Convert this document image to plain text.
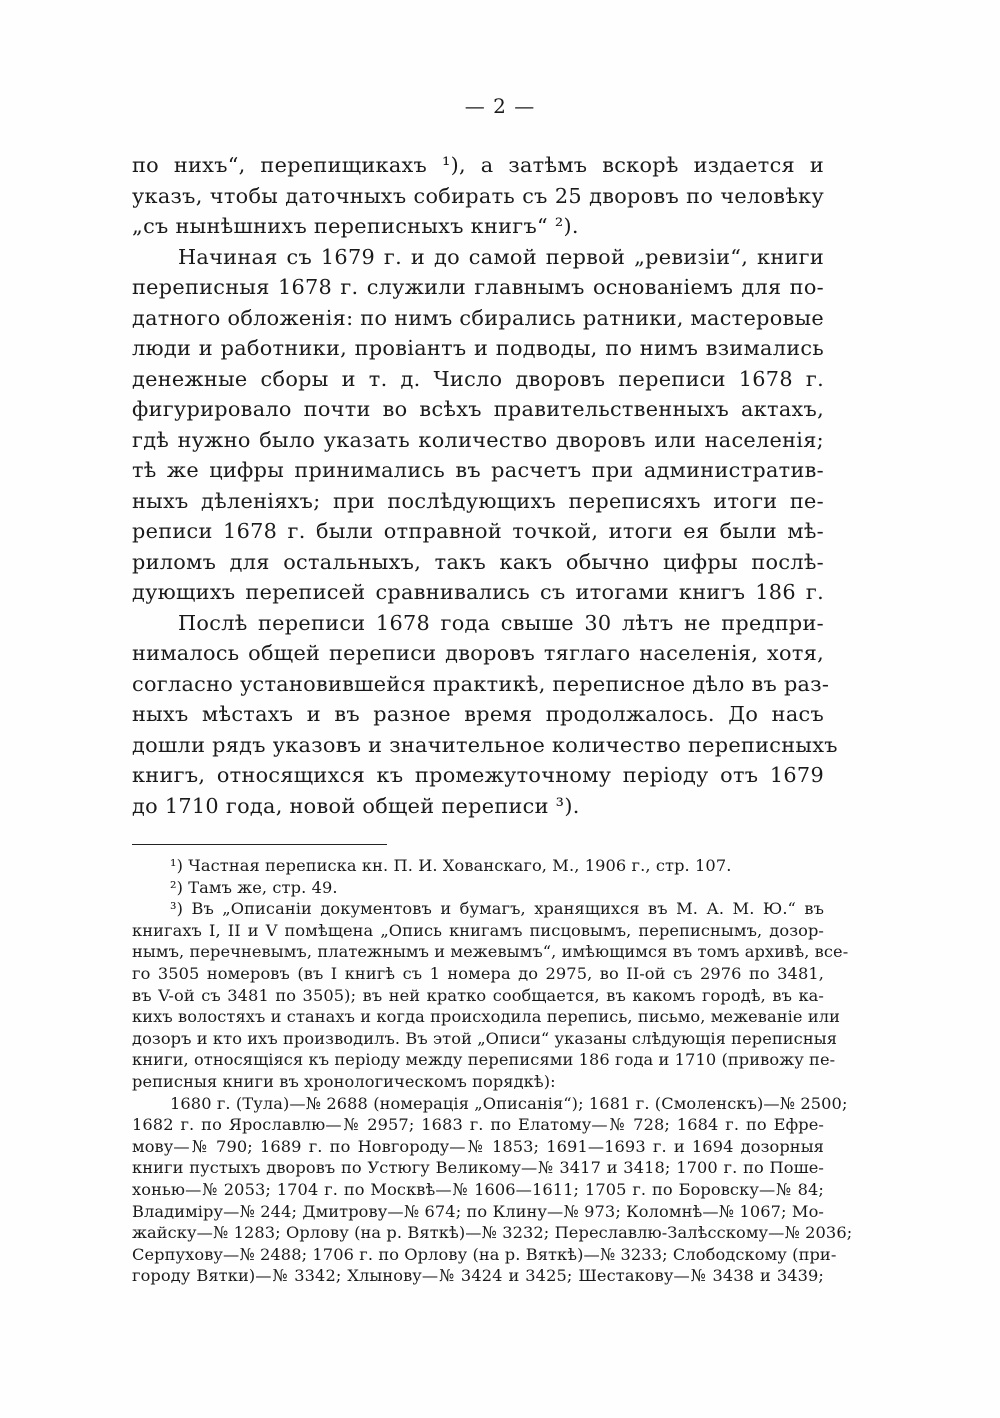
— 2 —
по нихъ“, перепищикахъ ¹), а затѣмъ вскорѣ издается и
указъ, чтобы даточныхъ собирать съ 25 дворовъ по человѣку
„съ нынѣшнихъ переписныхъ книгъ“ ²).
Начиная съ 1679 г. и до самой первой „ревизіи“, книги
переписныя 1678 г. служили главнымъ основаніемъ для по-
датного обложенія: по нимъ сбирались ратники, мастеровые
люди и работники, провіантъ и подводы, по нимъ взимались
денежные сборы и т. д. Число дворовъ переписи 1678 г.
фигурировало почти во всѣхъ правительственныхъ актахъ,
гдѣ нужно было указать количество дворовъ или населенія;
тѣ же цифры принимались въ расчетъ при административ-
ныхъ дѣленіяхъ; при послѣдующихъ переписяхъ итоги пе-
реписи 1678 г. были отправной точкой, итоги ея были мѣ-
риломъ для остальныхъ, такъ какъ обычно цифры послѣ-
дующихъ переписей сравнивались съ итогами книгъ 186 г.
Послѣ переписи 1678 года свыше 30 лѣтъ не предпри-
нималось общей переписи дворовъ тяглаго населенія, хотя,
согласно установившейся практикѣ, переписное дѣло въ раз-
ныхъ мѣстахъ и въ разное время продолжалось. До насъ
дошли рядъ указовъ и значительное количество переписныхъ
книгъ, относящихся къ промежуточному періоду отъ 1679
до 1710 года, новой общей переписи ³).
¹) Частная переписка кн. П. И. Хованскаго, М., 1906 г., стр. 107.
²) Тамъ же, стр. 49.
³) Въ „Описаніи документовъ и бумагъ, хранящихся въ М. А. М. Ю.“ въ
книгахъ I, II и V помѣщена „Опись книгамъ писцовымъ, переписнымъ, дозор-
нымъ, перечневымъ, платежнымъ и межевымъ“, имѣющимся въ томъ архивѣ, все-
го 3505 номеровъ (въ I книгѣ съ 1 номера до 2975, во II-ой съ 2976 по 3481,
въ V-ой съ 3481 по 3505); въ ней кратко сообщается, въ какомъ городѣ, въ ка-
кихъ волостяхъ и станахъ и когда происходила перепись, письмо, межеваніе или
дозоръ и кто ихъ производилъ. Въ этой „Описи“ указаны слѣдующія переписныя
книги, относящіяся къ періоду между переписями 186 года и 1710 (привожу пе-
реписныя книги въ хронологическомъ порядкѣ):
1680 г. (Тула)—№ 2688 (номерація „Описанія“); 1681 г. (Смоленскъ)—№ 2500;
1682 г. по Ярославлю—№ 2957; 1683 г. по Елатому—№ 728; 1684 г. по Ефре-
мову—№ 790; 1689 г. по Новгороду—№ 1853; 1691—1693 г. и 1694 дозорныя
книги пустыхъ дворовъ по Устюгу Великому—№ 3417 и 3418; 1700 г. по Поше-
хонью—№ 2053; 1704 г. по Москвѣ—№ 1606—1611; 1705 г. по Боровску—№ 84;
Владиміру—№ 244; Дмитрову—№ 674; по Клину—№ 973; Коломнѣ—№ 1067; Мо-
жайску—№ 1283; Орлову (на р. Вяткѣ)—№ 3232; Переславлю-Залѣсскому—№ 2036;
Серпухову—№ 2488; 1706 г. по Орлову (на р. Вяткѣ)—№ 3233; Слободскому (при-
городу Вятки)—№ 3342; Хлынову—№ 3424 и 3425; Шестакову—№ 3438 и 3439;
